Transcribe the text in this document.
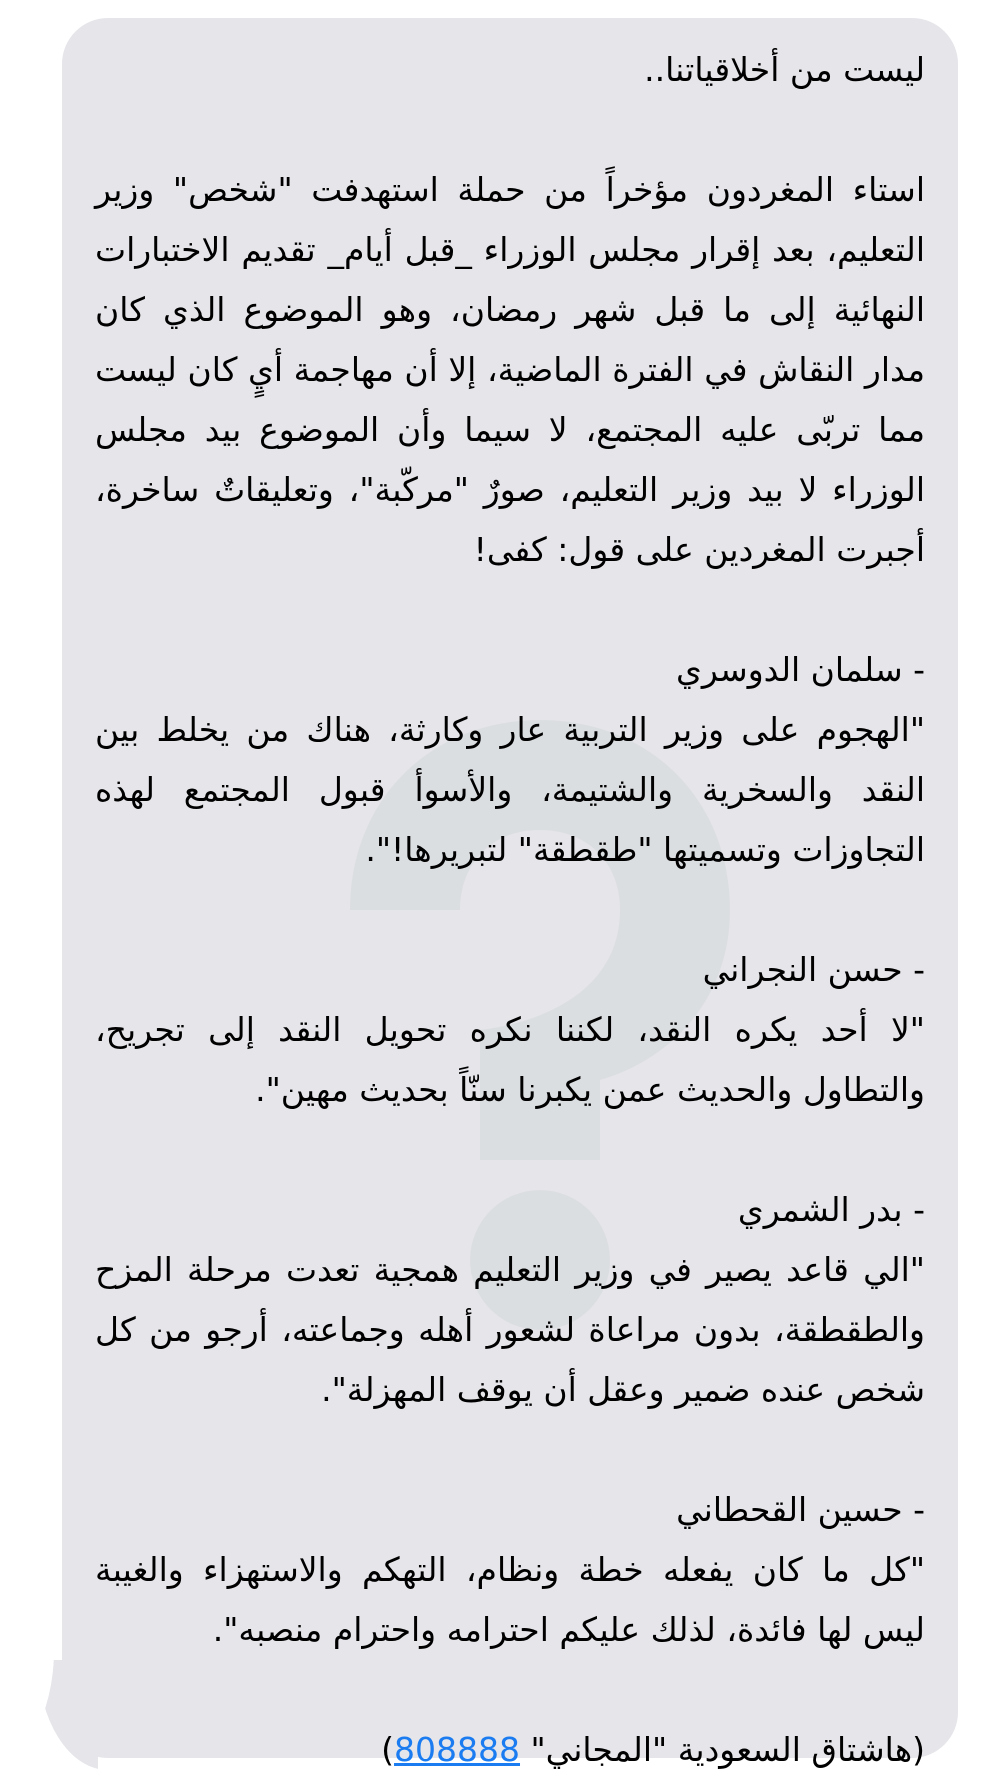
ليست من أخلاقياتنا..

استاء المغردون مؤخراً من حملة استهدفت "شخص" وزير التعليم، بعد إقرار مجلس الوزراء _قبل أيام_ تقديم الاختبارات النهائية إلى ما قبل شهر رمضان، وهو الموضوع الذي كان مدار النقاش في الفترة الماضية، إلا أن مهاجمة أيٍ كان ليست مما تربّى عليه المجتمع، لا سيما وأن الموضوع بيد مجلس الوزراء لا بيد وزير التعليم، صورٌ "مركّبة"، وتعليقاتٌ ساخرة، أجبرت المغردين على قول: كفى!

- سلمان الدوسري

"الهجوم على وزير التربية عار وكارثة، هناك من يخلط بين النقد والسخرية والشتيمة، والأسوأ قبول المجتمع لهذه التجاوزات وتسميتها "طقطقة" لتبريرها!".

- حسن النجراني

"لا أحد يكره النقد، لكننا نكره تحويل النقد إلى تجريح، والتطاول والحديث عمن يكبرنا سنّاً بحديث مهين".

- بدر الشمري

"الي قاعد يصير في وزير التعليم همجية تعدت مرحلة المزح والطقطقة، بدون مراعاة لشعور أهله وجماعته، أرجو من كل شخص عنده ضمير وعقل أن يوقف المهزلة".

- حسين القحطاني

"كل ما كان يفعله خطة ونظام، التهكم والاستهزاء والغيبة ليس لها فائدة، لذلك عليكم احترامه واحترام منصبه".

(هاشتاق السعودية "المجاني" 808888)
